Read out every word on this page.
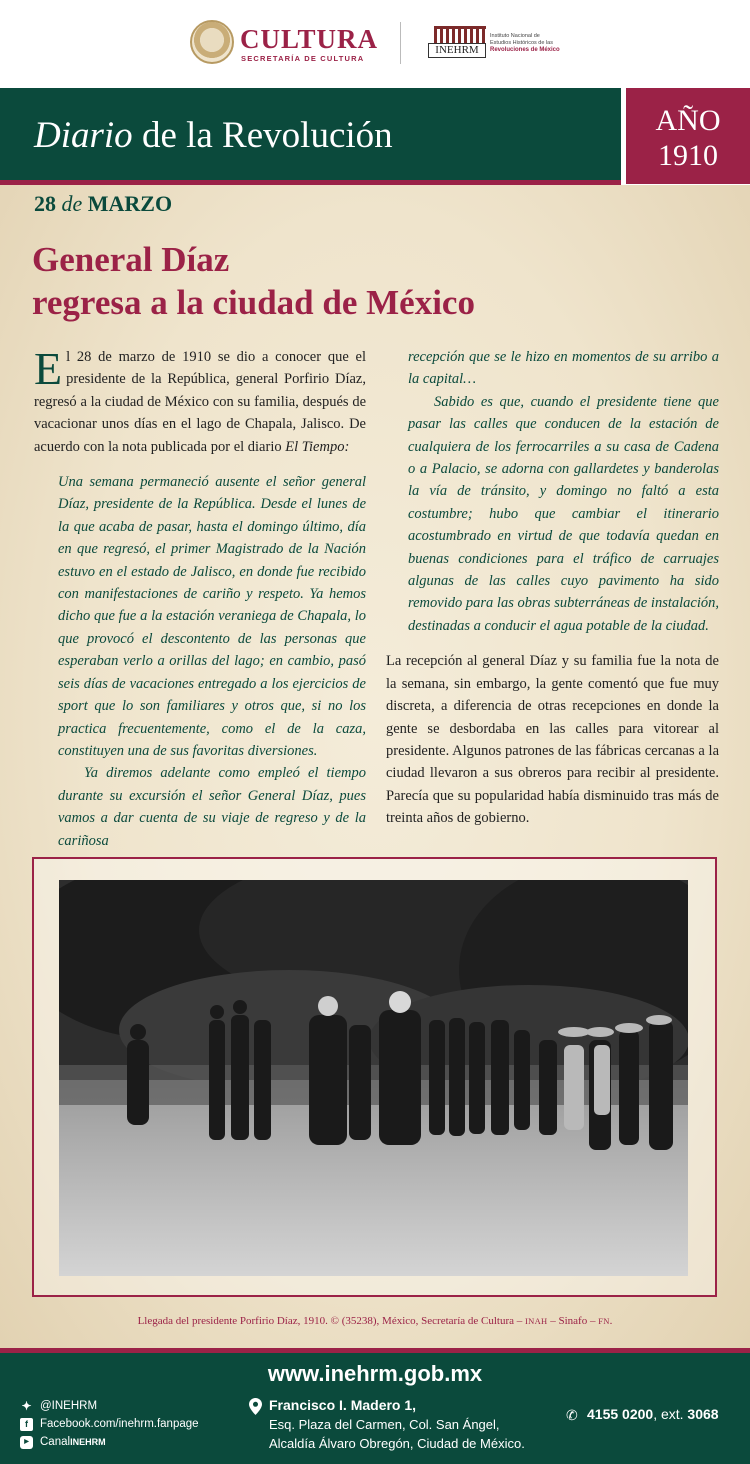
CULTURA
SECRETARÍA DE CULTURA
INEHRM
Instituto Nacional de
Estudios Históricos de las
Revoluciones de México
Diario de la Revolución	AÑO
1910
28 de MARZO
General Díaz
regresa a la ciudad de México

El 28 de marzo de 1910 se dio a conocer que el presidente de la República, general Porfirio Díaz, regresó a la ciudad de México con su familia, después de vacacionar unos días en el lago de Chapala, Jalisco. De acuerdo con la nota publicada por el diario El Tiempo:

Una semana permaneció ausente el señor general Díaz, presidente de la República. Desde el lunes de la que acaba de pasar, hasta el domingo último, día en que regresó, el primer Magistrado de la Nación estuvo en el estado de Jalisco, en donde fue recibido con manifestaciones de cariño y respeto. Ya hemos dicho que fue a la estación veraniega de Chapala, lo que provocó el descontento de las personas que esperaban verlo a orillas del lago; en cambio, pasó seis días de vacaciones entregado a los ejercicios de sport que lo son familiares y otros que, si no los practica frecuentemente, como el de la caza, constituyen una de sus favoritas diversiones.

Ya diremos adelante como empleó el tiempo durante su excursión el señor General Díaz, pues vamos a dar cuenta de su viaje de regreso y de la cariñosa

recepción que se le hizo en momentos de su arribo a la capital…

Sabido es que, cuando el presidente tiene que pasar las calles que conducen de la estación de cualquiera de los ferrocarriles a su casa de Cadena o a Palacio, se adorna con gallardetes y banderolas la vía de tránsito, y domingo no faltó a esta costumbre; hubo que cambiar el itinerario acostumbrado en virtud de que todavía quedan en buenas condiciones para el tráfico de carruajes algunas de las calles cuyo pavimento ha sido removido para las obras subterráneas de instalación, destinadas a conducir el agua potable de la ciudad.

La recepción al general Díaz y su familia fue la nota de la semana, sin embargo, la gente comentó que fue muy discreta, a diferencia de otras recepciones en donde la gente se desbordaba en las calles para vitorear al presidente. Algunos patrones de las fábricas cercanas a la ciudad llevaron a sus obreros para recibir al presidente. Parecía que su popularidad había disminuido tras más de treinta años de gobierno.

Llegada del presidente Porfirio Díaz, 1910. © (35238), México, Secretaría de Cultura – INAH – Sinafo – FN.
www.inehrm.gob.mx
✦ @INEHRM
f	Facebook.com/inehrm.fanpage
▶ Canal INEHRM
Francisco I. Madero 1,
Esq. Plaza del Carmen, Col. San Ángel,
Alcaldía Álvaro Obregón, Ciudad de México.
✆ 4155 0200, ext. 3068
